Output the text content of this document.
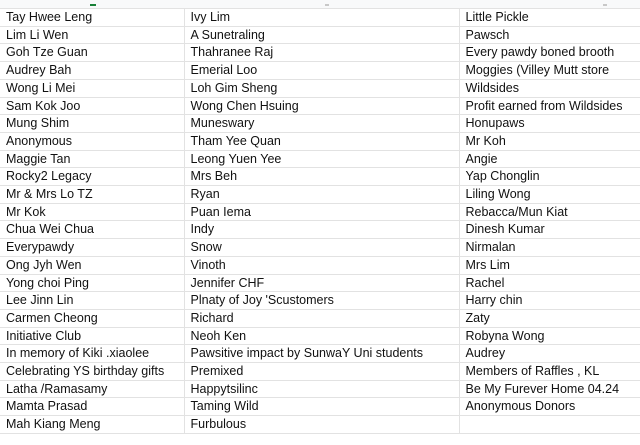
Tay Hwee Leng	Ivy Lim	Little Pickle
Lim Li Wen	A Sunetraling	Pawsch
Goh Tze Guan	Thahranee Raj	Every pawdy boned brooth
Audrey Bah	Emerial Loo	Moggies (Villey Mutt store
Wong Li Mei	Loh Gim Sheng	Wildsides
Sam Kok Joo	Wong Chen Hsuing	Profit earned from Wildsides
Mung Shim	Muneswary	Honupaws
Anonymous	Tham Yee Quan	Mr Koh
Maggie Tan	Leong Yuen Yee	Angie
Rocky2 Legacy	Mrs Beh	Yap Chonglin
Mr & Mrs Lo TZ	Ryan	Liling Wong
Mr Kok	Puan Iema	Rebacca/Mun Kiat
Chua Wei Chua	Indy	Dinesh Kumar
Everypawdy	Snow	Nirmalan
Ong Jyh Wen	Vinoth	Mrs Lim
Yong choi Ping	Jennifer CHF	Rachel
Lee Jinn Lin	Plnaty of Joy 'Scustomers	Harry chin
Carmen Cheong	Richard	Zaty
Initiative Club	Neoh Ken	Robyna Wong
In memory of Kiki .xiaolee	Pawsitive impact by SunwaY Uni students	Audrey
Celebrating YS birthday gifts	Premixed	Members of Raffles , KL
Latha /Ramasamy	Happytsilinc	Be My Furever Home 04.24
Mamta Prasad	Taming Wild	Anonymous Donors
Mah Kiang Meng	Furbulous	
